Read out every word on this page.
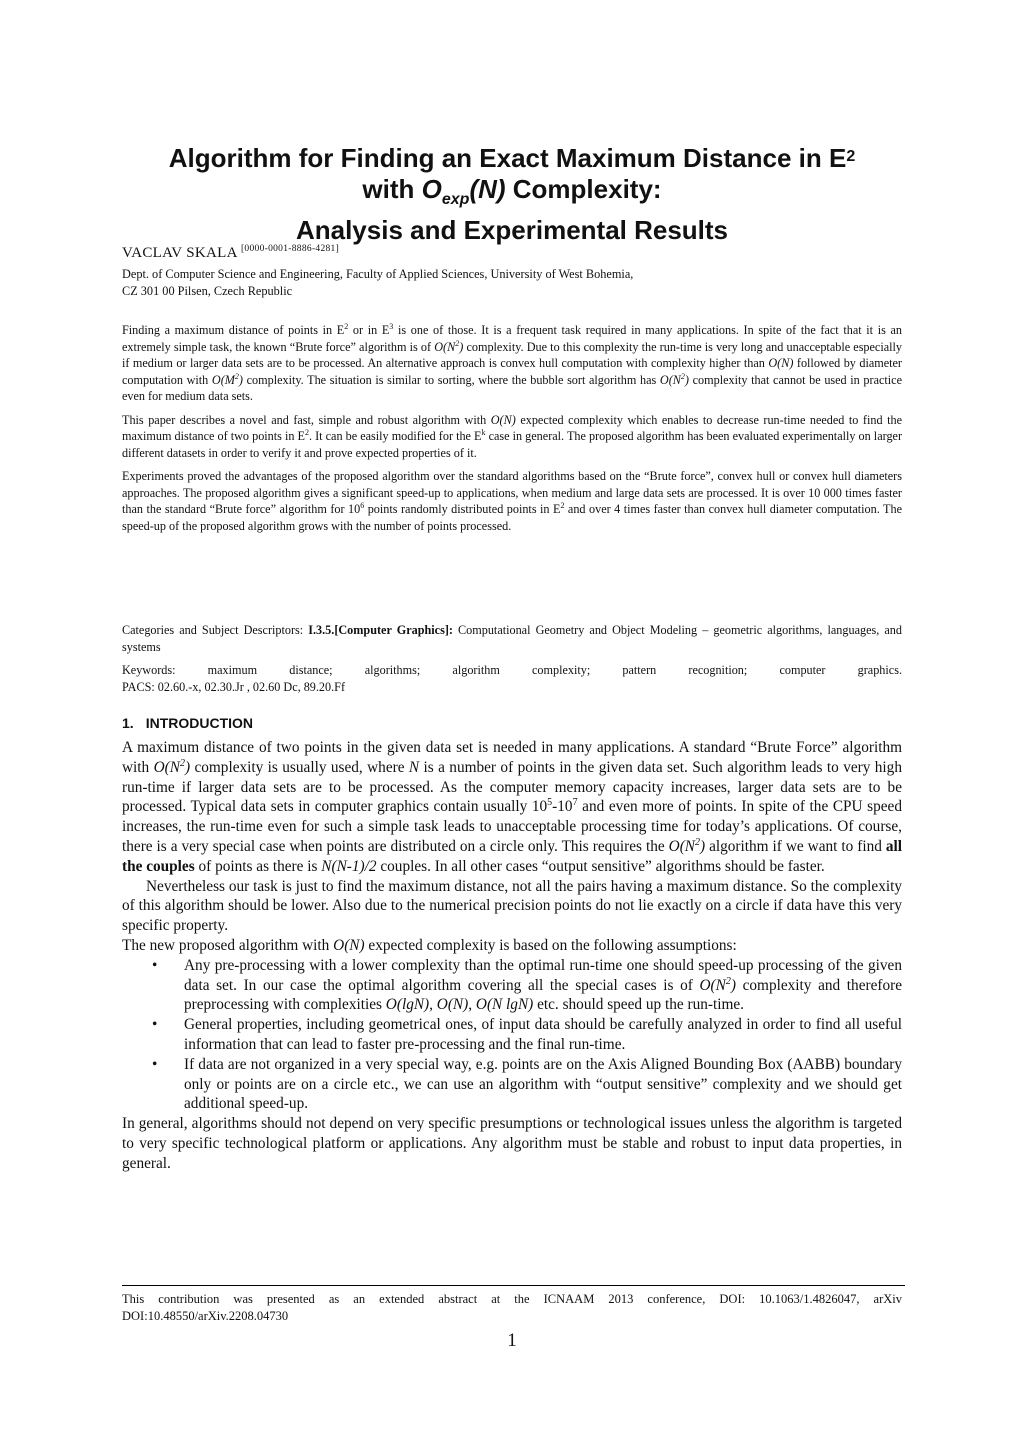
Algorithm for Finding an Exact Maximum Distance in $E^2$
with $O_{exp}(N)$ Complexity:
Analysis and Experimental Results
VACLAV SKALA [0000-0001-8886-4281]
Dept. of Computer Science and Engineering, Faculty of Applied Sciences, University of West Bohemia,
CZ 301 00 Pilsen, Czech Republic

Finding a maximum distance of points in $E^2$ or in $E^3$ is one of those. It is a frequent task required in many applications. In spite of the fact that it is an extremely simple task, the known “Brute force” algorithm is of $O(N^2)$ complexity. Due to this complexity the run-time is very long and unacceptable especially if medium or larger data sets are to be processed. An alternative approach is convex hull computation with complexity higher than O(N) followed by diameter computation with $O(M^2)$ complexity. The situation is similar to sorting, where the bubble sort algorithm has $O(N^2)$ complexity that cannot be used in practice even for medium data sets.

This paper describes a novel and fast, simple and robust algorithm with O(N) expected complexity which enables to decrease run-time needed to find the maximum distance of two points in $E^2$. It can be easily modified for the $E^k$ case in general. The proposed algorithm has been evaluated experimentally on larger different datasets in order to verify it and prove expected properties of it.

Experiments proved the advantages of the proposed algorithm over the standard algorithms based on the “Brute force”, convex hull or convex hull diameters approaches. The proposed algorithm gives a significant speed-up to applications, when medium and large data sets are processed. It is over 10 000 times faster than the standard “Brute force” algorithm for $10^6$ points randomly distributed points in $E^2$ and over 4 times faster than convex hull diameter computation. The speed-up of the proposed algorithm grows with the number of points processed.

Categories and Subject Descriptors: I.3.5.[Computer Graphics]: Computational Geometry and Object Modeling – geometric algorithms, languages, and systems
Keywords: maximum distance; algorithms; algorithm complexity; pattern recognition; computer graphics.
PACS: 02.60.-x, 02.30.Jr , 02.60 Dc, 89.20.Ff
1. INTRODUCTION

A maximum distance of two points in the given data set is needed in many applications. A standard “Brute Force” algorithm with $O(N^2)$ complexity is usually used, where N is a number of points in the given data set. Such algorithm leads to very high run-time if larger data sets are to be processed. As the computer memory capacity increases, larger data sets are to be processed. Typical data sets in computer graphics contain usually $10^5-10^7$ and even more of points. In spite of the CPU speed increases, the run-time even for such a simple task leads to unacceptable processing time for today’s applications. Of course, there is a very special case when points are distributed on a circle only. This requires the $O(N^2)$ algorithm if we want to find all the couples of points as there is N(N-1)/2 couples. In all other cases “output sensitive” algorithms should be faster.

Nevertheless our task is just to find the maximum distance, not all the pairs having a maximum distance. So the complexity of this algorithm should be lower. Also due to the numerical precision points do not lie exactly on a circle if data have this very specific property.

The new proposed algorithm with O(N) expected complexity is based on the following assumptions:

• Any pre-processing with a lower complexity than the optimal run-time one should speed-up processing of the given data set. In our case the optimal algorithm covering all the special cases is of $O(N^2)$ complexity and therefore preprocessing with complexities O(lgN), O(N), O(N lgN) etc. should speed up the run-time.
• General properties, including geometrical ones, of input data should be carefully analyzed in order to find all useful information that can lead to faster pre-processing and the final run-time.
• If data are not organized in a very special way, e.g. points are on the Axis Aligned Bounding Box (AABB) boundary only or points are on a circle etc., we can use an algorithm with “output sensitive” complexity and we should get additional speed-up.

In general, algorithms should not depend on very specific presumptions or technological issues unless the algorithm is targeted to very specific technological platform or applications. Any algorithm must be stable and robust to input data properties, in general.

This contribution was presented as an extended abstract at the ICNAAM 2013 conference, DOI: 10.1063/1.4826047, arXiv DOI:10.48550/arXiv.2208.04730
1
